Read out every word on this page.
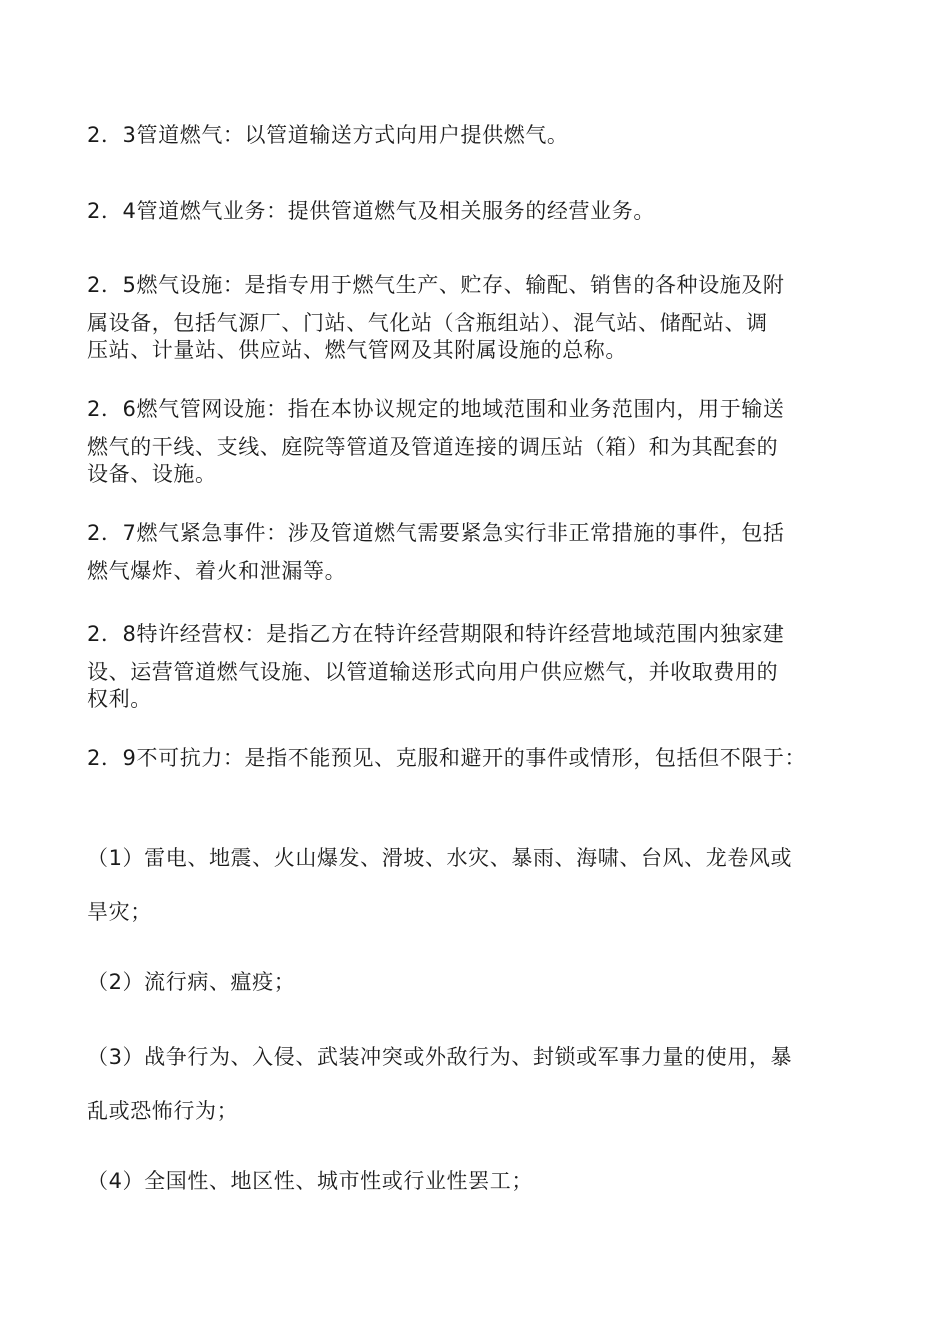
2．3管道燃气：以管道输送方式向用户提供燃气。

2．4管道燃气业务：提供管道燃气及相关服务的经营业务。

2．5燃气设施：是指专用于燃气生产、贮存、输配、销售的各种设施及附
属设备，包括气源厂、门站、气化站（含瓶组站）、混气站、储配站、调
压站、计量站、供应站、燃气管网及其附属设施的总称。

2．6燃气管网设施：指在本协议规定的地域范围和业务范围内，用于输送
燃气的干线、支线、庭院等管道及管道连接的调压站（箱）和为其配套的
设备、设施。

2．7燃气紧急事件：涉及管道燃气需要紧急实行非正常措施的事件，包括
燃气爆炸、着火和泄漏等。

2．8特许经营权：是指乙方在特许经营期限和特许经营地域范围内独家建
设、运营管道燃气设施、以管道输送形式向用户供应燃气，并收取费用的
权利。

2．9不可抗力：是指不能预见、克服和避开的事件或情形，包括但不限于：

（1）雷电、地震、火山爆发、滑坡、水灾、暴雨、海啸、台风、龙卷风或
旱灾；

（2）流行病、瘟疫；

（3）战争行为、入侵、武装冲突或外敌行为、封锁或军事力量的使用，暴
乱或恐怖行为；

（4）全国性、地区性、城市性或行业性罢工；
